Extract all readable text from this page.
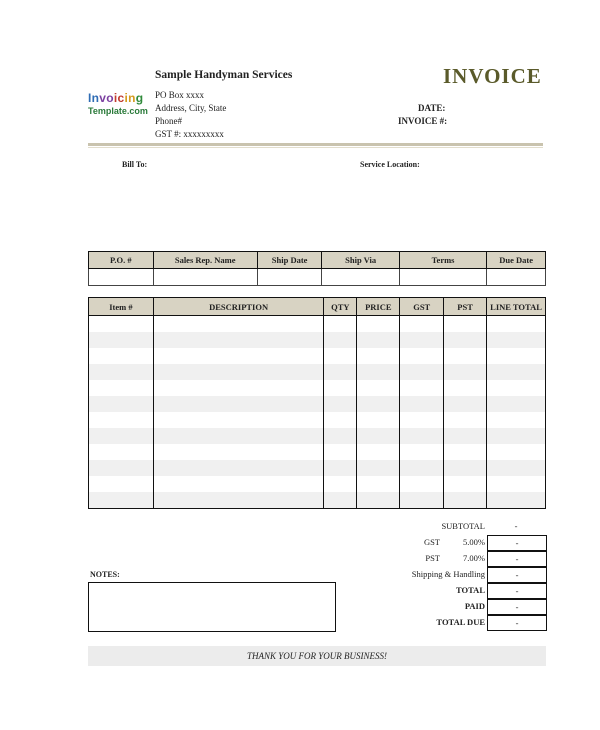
Invoicing
Template.com
Sample Handyman Services
PO Box xxxx
Address, City, State
Phone#
GST #: xxxxxxxxx
INVOICE
DATE:
INVOICE #:
Bill To:	Service Location:
P.O. #	Sales Rep. Name	Ship Date	Ship Via	Terms	Due Date

Item #	DESCRIPTION	QTY	PRICE	GST	PST	LINE TOTAL

SUBTOTAL	-
GST	5.00%	-
PST	7.00%	-
Shipping & Handling	-
TOTAL	-
PAID	-
TOTAL DUE	-
NOTES:
THANK YOU FOR YOUR BUSINESS!
